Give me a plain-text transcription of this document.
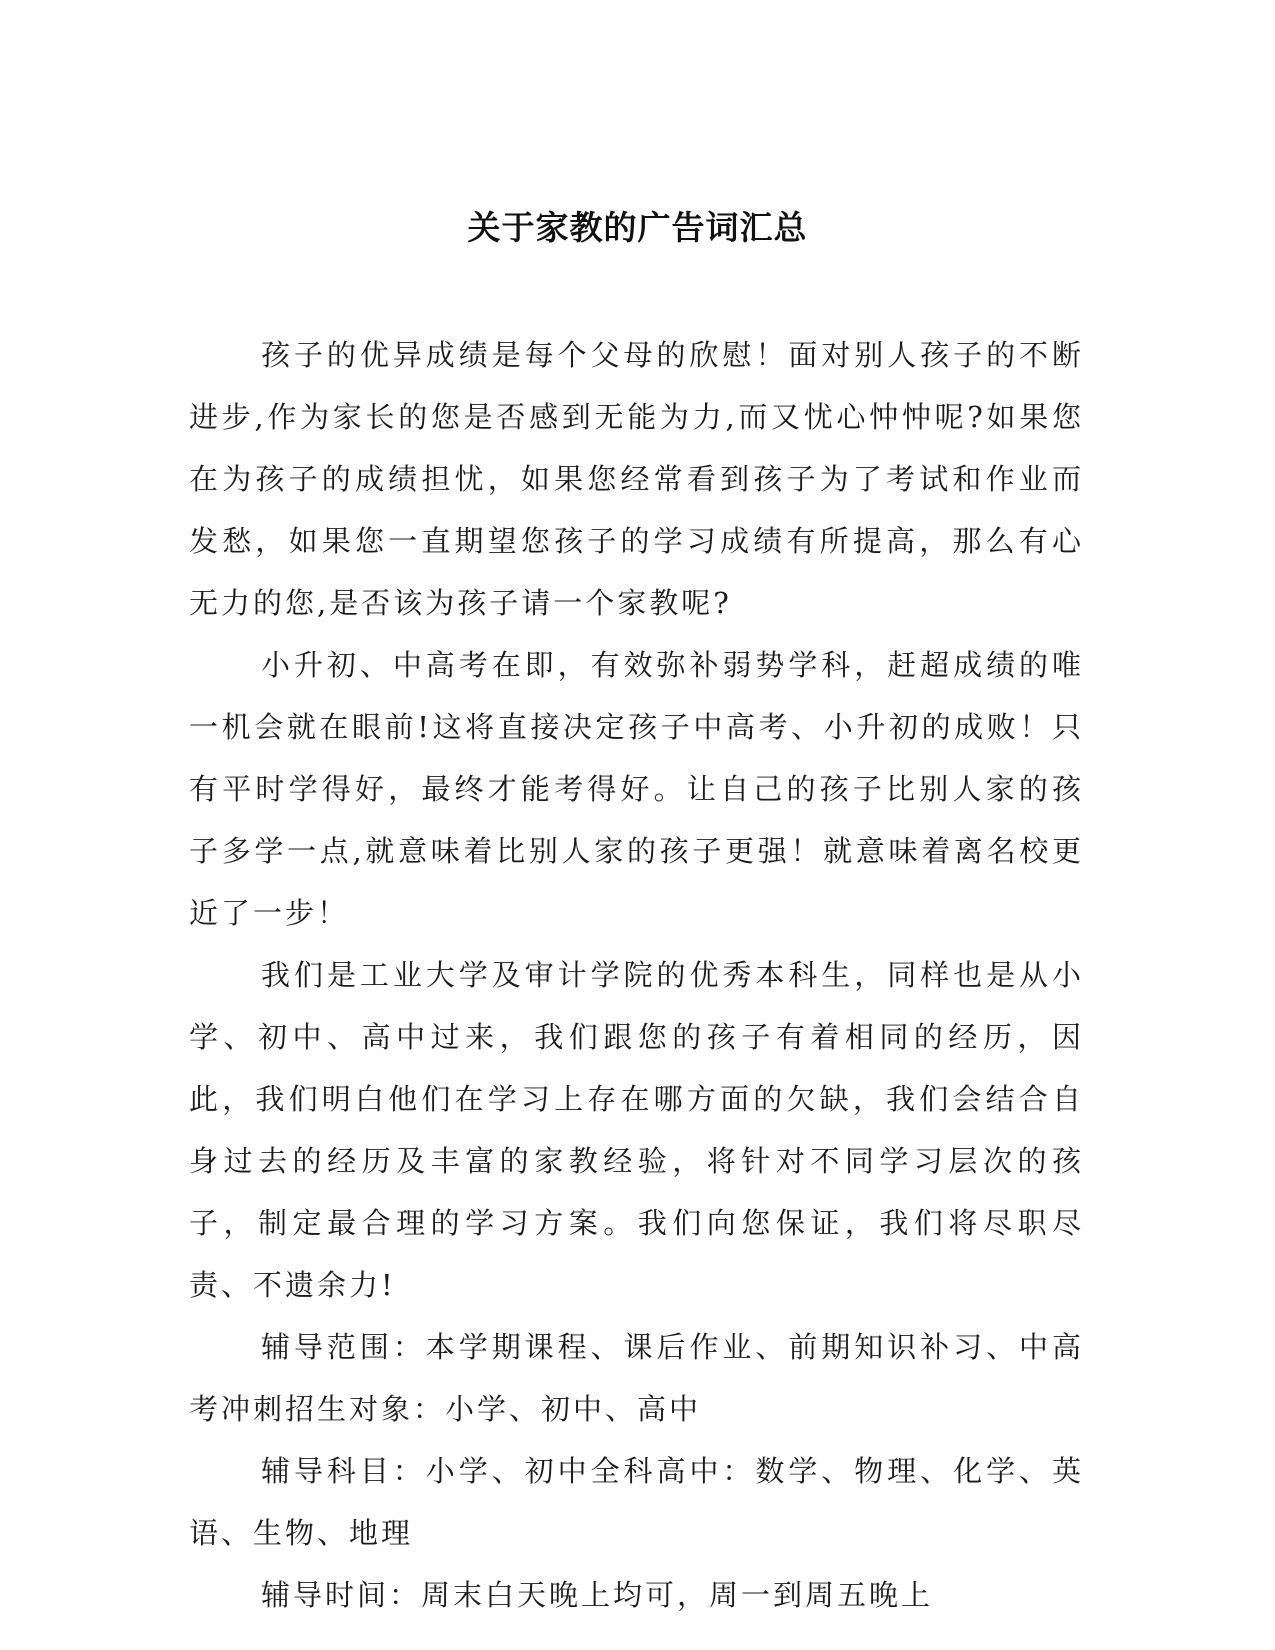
关于家教的广告词汇总

孩子的优异成绩是每个父母的欣慰！面对别人孩子的不断进步,作为家长的您是否感到无能为力,而又忧心忡忡呢?如果您在为孩子的成绩担忧，如果您经常看到孩子为了考试和作业而发愁，如果您一直期望您孩子的学习成绩有所提高，那么有心无力的您,是否该为孩子请一个家教呢?

小升初、中高考在即，有效弥补弱势学科，赶超成绩的唯一机会就在眼前!这将直接决定孩子中高考、小升初的成败！只有平时学得好，最终才能考得好。让自己的孩子比别人家的孩子多学一点,就意味着比别人家的孩子更强！就意味着离名校更近了一步！

我们是工业大学及审计学院的优秀本科生，同样也是从小学、初中、高中过来，我们跟您的孩子有着相同的经历，因此，我们明白他们在学习上存在哪方面的欠缺，我们会结合自身过去的经历及丰富的家教经验，将针对不同学习层次的孩子，制定最合理的学习方案。我们向您保证，我们将尽职尽责、不遗余力!

辅导范围：本学期课程、课后作业、前期知识补习、中高考冲刺招生对象：小学、初中、高中

辅导科目：小学、初中全科高中：数学、物理、化学、英语、生物、地理

辅导时间：周末白天晚上均可，周一到周五晚上
